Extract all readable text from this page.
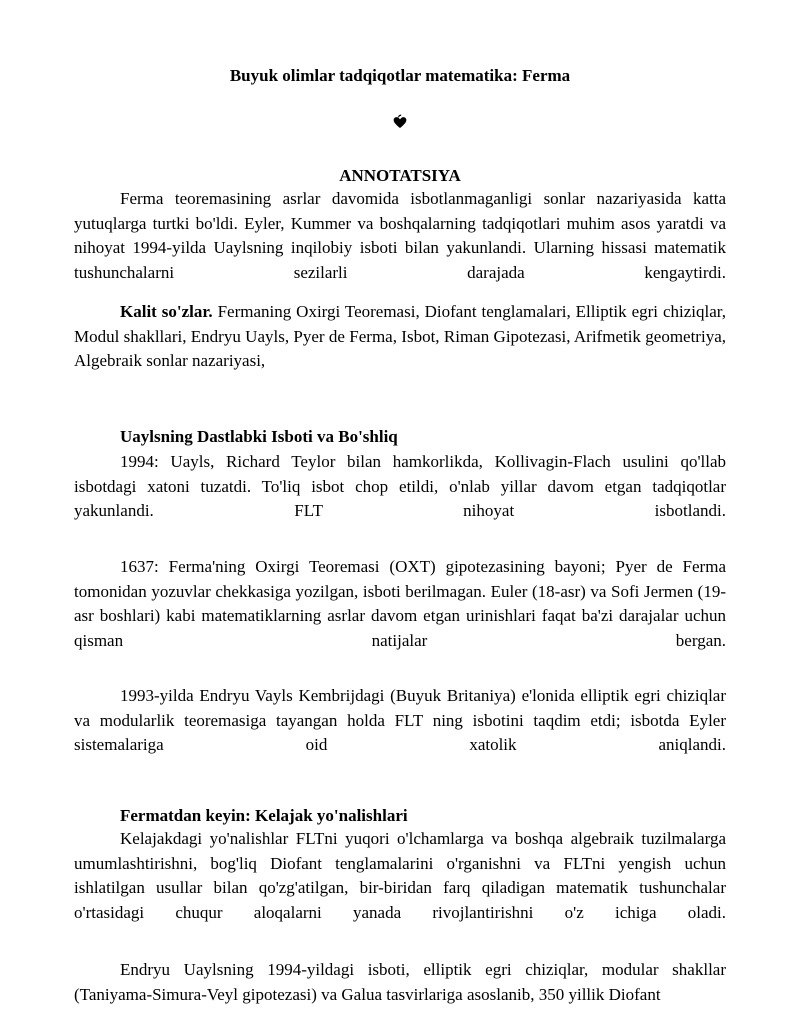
Buyuk olimlar tadqiqotlar matematika: Ferma
ANNOTATSIYA
Ferma teoremasining asrlar davomida isbotlanmaganligi sonlar nazariyasida katta yutuqlarga turtki bo'ldi. Eyler, Kummer va boshqalarning tadqiqotlari muhim asos yaratdi va nihoyat 1994-yilda Uaylsning inqilobiy isboti bilan yakunlandi. Ularning hissasi matematik tushunchalarni sezilarli darajada kengaytirdi.
Kalit so'zlar. Fermaning Oxirgi Teoremasi, Diofant tenglamalari, Elliptik egri chiziqlar, Modul shakllari, Endryu Uayls, Pyer de Ferma, Isbot, Riman Gipotezasi, Arifmetik geometriya, Algebraik sonlar nazariyasi,
Uaylsning Dastlabki Isboti va Bo'shliq
1994: Uayls, Richard Teylor bilan hamkorlikda, Kollivagin-Flach usulini qo'llab isbotdagi xatoni tuzatdi. To'liq isbot chop etildi, o'nlab yillar davom etgan tadqiqotlar yakunlandi. FLT nihoyat isbotlandi.
1637: Ferma'ning Oxirgi Teoremasi (OXT) gipotezasining bayoni; Pyer de Ferma tomonidan yozuvlar chekkasiga yozilgan, isboti berilmagan. Euler (18-asr) va Sofi Jermen (19-asr boshlari) kabi matematiklarning asrlar davom etgan urinishlari faqat ba'zi darajalar uchun qisman natijalar bergan.
1993-yilda Endryu Vayls Kembrijdagi (Buyuk Britaniya) e'lonida elliptik egri chiziqlar va modularlik teoremasiga tayangan holda FLT ning isbotini taqdim etdi; isbotda Eyler sistemalariga oid xatolik aniqlandi.
Fermatdan keyin: Kelajak yo'nalishlari
Kelajakdagi yo'nalishlar FLTni yuqori o'lchamlarga va boshqa algebraik tuzilmalarga umumlashtirishni, bog'liq Diofant tenglamalarini o'rganishni va FLTni yengish uchun ishlatilgan usullar bilan qo'zg'atilgan, bir-biridan farq qiladigan matematik tushunchalar o'rtasidagi chuqur aloqalarni yanada rivojlantirishni o'z ichiga oladi.
Endryu Uaylsning 1994-yildagi isboti, elliptik egri chiziqlar, modular shakllar (Taniyama-Simura-Veyl gipotezasi) va Galua tasvirlariga asoslanib, 350 yillik Diofant
